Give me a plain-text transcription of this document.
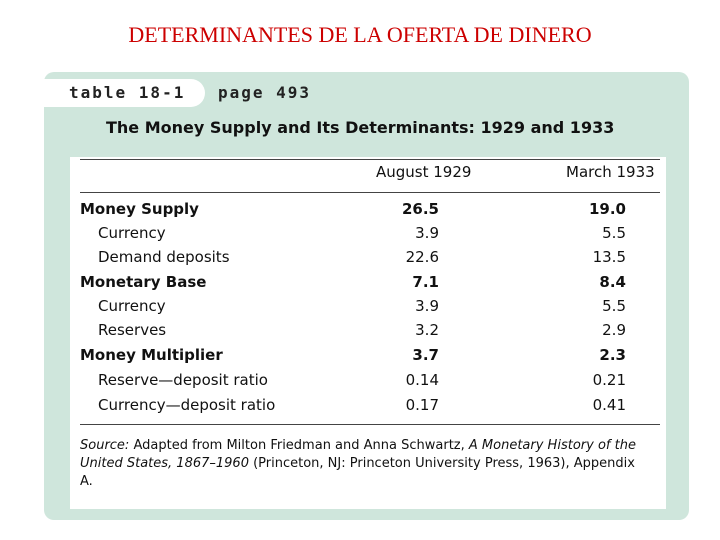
DETERMINANTES DE LA OFERTA DE DINERO
table 18-1	page 493
The Money Supply and Its Determinants: 1929 and 1933
August 1929	March 1933
Money Supply	26.5	19.0
Currency	3.9	5.5
Demand deposits	22.6	13.5
Monetary Base	7.1	8.4
Currency	3.9	5.5
Reserves	3.2	2.9
Money Multiplier	3.7	2.3
Reserve—deposit ratio	0.14	0.21
Currency—deposit ratio	0.17	0.41
Source: Adapted from Milton Friedman and Anna Schwartz, A Monetary History of the United States, 1867–1960 (Princeton, NJ: Princeton University Press, 1963), Appendix A.
